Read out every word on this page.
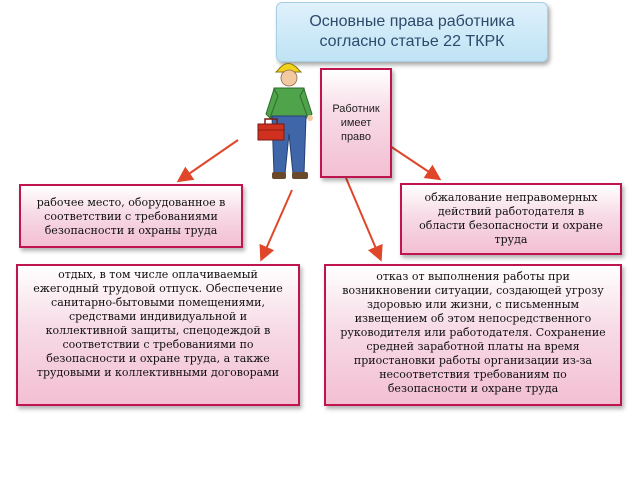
Основные права работника
согласно статье 22 ТКРК
Работник
имеет
право
рабочее место, оборудованное в
соответствии с требованиями
безопасности и охраны труда
обжалование неправомерных
действий работодателя в
области безопасности и охране
труда
отдых, в том числе оплачиваемый
ежегодный трудовой отпуск. Обеспечение
санитарно-бытовыми помещениями,
средствами индивидуальной и
коллективной защиты, спецодеждой в
соответствии с требованиями по
безопасности и охране труда, а также
трудовыми и коллективными договорами
отказ от выполнения работы при
возникновении ситуации, создающей угрозу
здоровью или жизни, с письменным
извещением об этом непосредственного
руководителя или работодателя. Сохранение
средней заработной платы на время
приостановки работы организации из-за
несоответствия требованиям по
безопасности и охране труда
